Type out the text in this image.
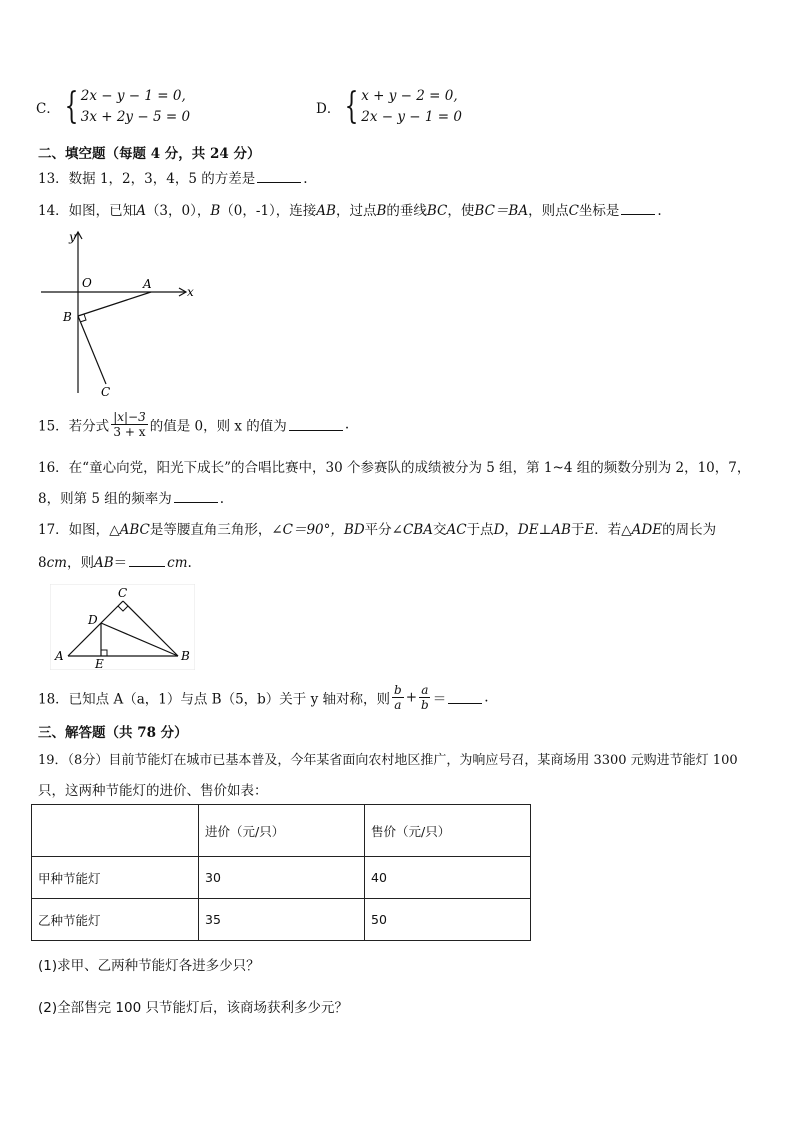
C． { 2x − y − 1 = 0,
3x + 2y − 5 = 0	D． { x + y − 2 = 0,
2x − y − 1 = 0
二、填空题（每题 4 分，共 24 分）
13．数据 1，2，3，4，5 的方差是	.
14．如图，已知A（3，0），B（0，-1），连接AB，过点B的垂线BC，使BC＝BA，则点C坐标是	.
y
x
O	A
B
C
15．若分式 $\frac{|x|-3}{3 + x}$ 的值是 0，则 x 的值为	.
16．在“童心向党，阳光下成长”的合唱比赛中，30 个参赛队的成绩被分为 5 组，第 1~4 组的频数分别为 2，10，7，
8，则第 5 组的频率为	.
17．如图，△ABC是等腰直角三角形，∠C＝90°，BD平分∠CBA交AC于点D，DE⊥AB于E．若△ADE的周长为
8cm，则AB＝	cm.
C
D
A
E
B
18．已知点 A（a，1）与点 B（5，b）关于 y 轴对称，则 $\frac{b}{a} + \frac{a}{b}$ ＝	.
三、解答题（共 78 分）
19．（8分）目前节能灯在城市已基本普及，今年某省面向农村地区推广，为响应号召，某商场用 3300 元购进节能灯 100
只，这两种节能灯的进价、售价如表：
	进价（元/只）	售价（元/只）
甲种节能灯	30	40
乙种节能灯	35	50
(1)求甲、乙两种节能灯各进多少只？
(2)全部售完 100 只节能灯后，该商场获利多少元？
